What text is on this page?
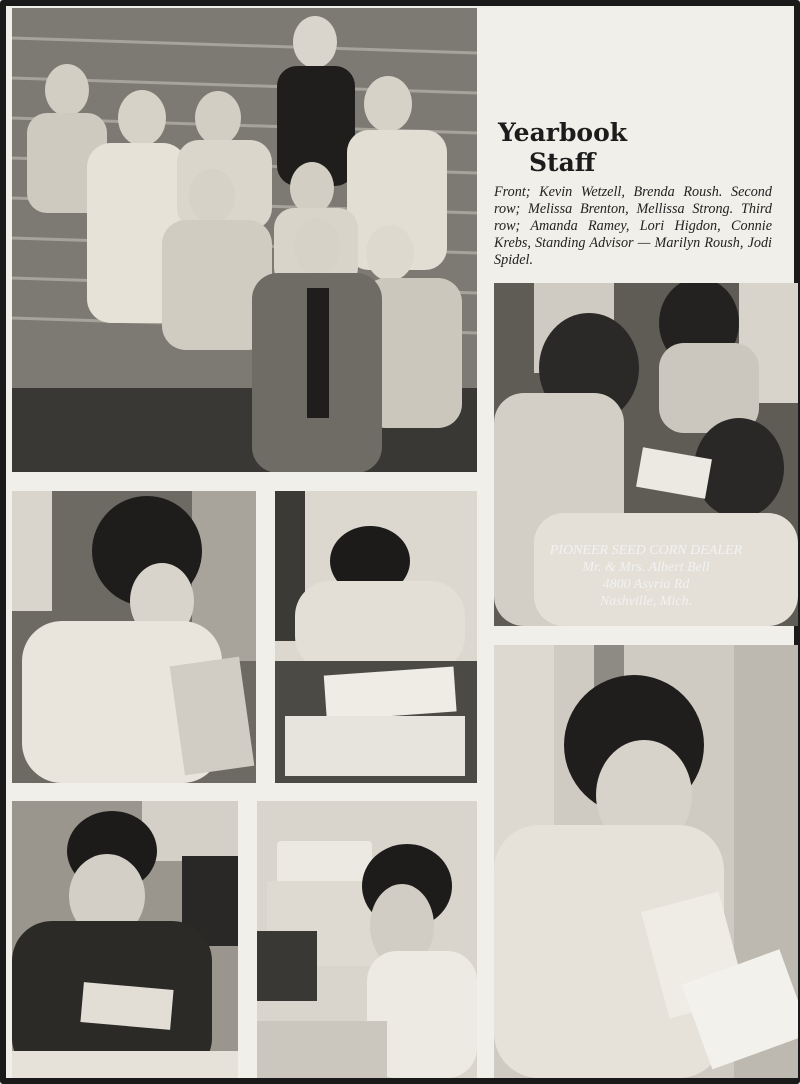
Yearbook
Staff
Front; Kevin Wetzell, Brenda Roush. Second row; Melissa Brenton, Mellissa Strong. Third row; Amanda Ramey, Lori Higdon, Connie Krebs, Standing Advisor — Marilyn Roush, Jodi Spidel.
PIONEER SEED CORN DEALER
Mr. & Mrs. Albert Bell
4800 Asyria Rd
Nashville, Mich.
